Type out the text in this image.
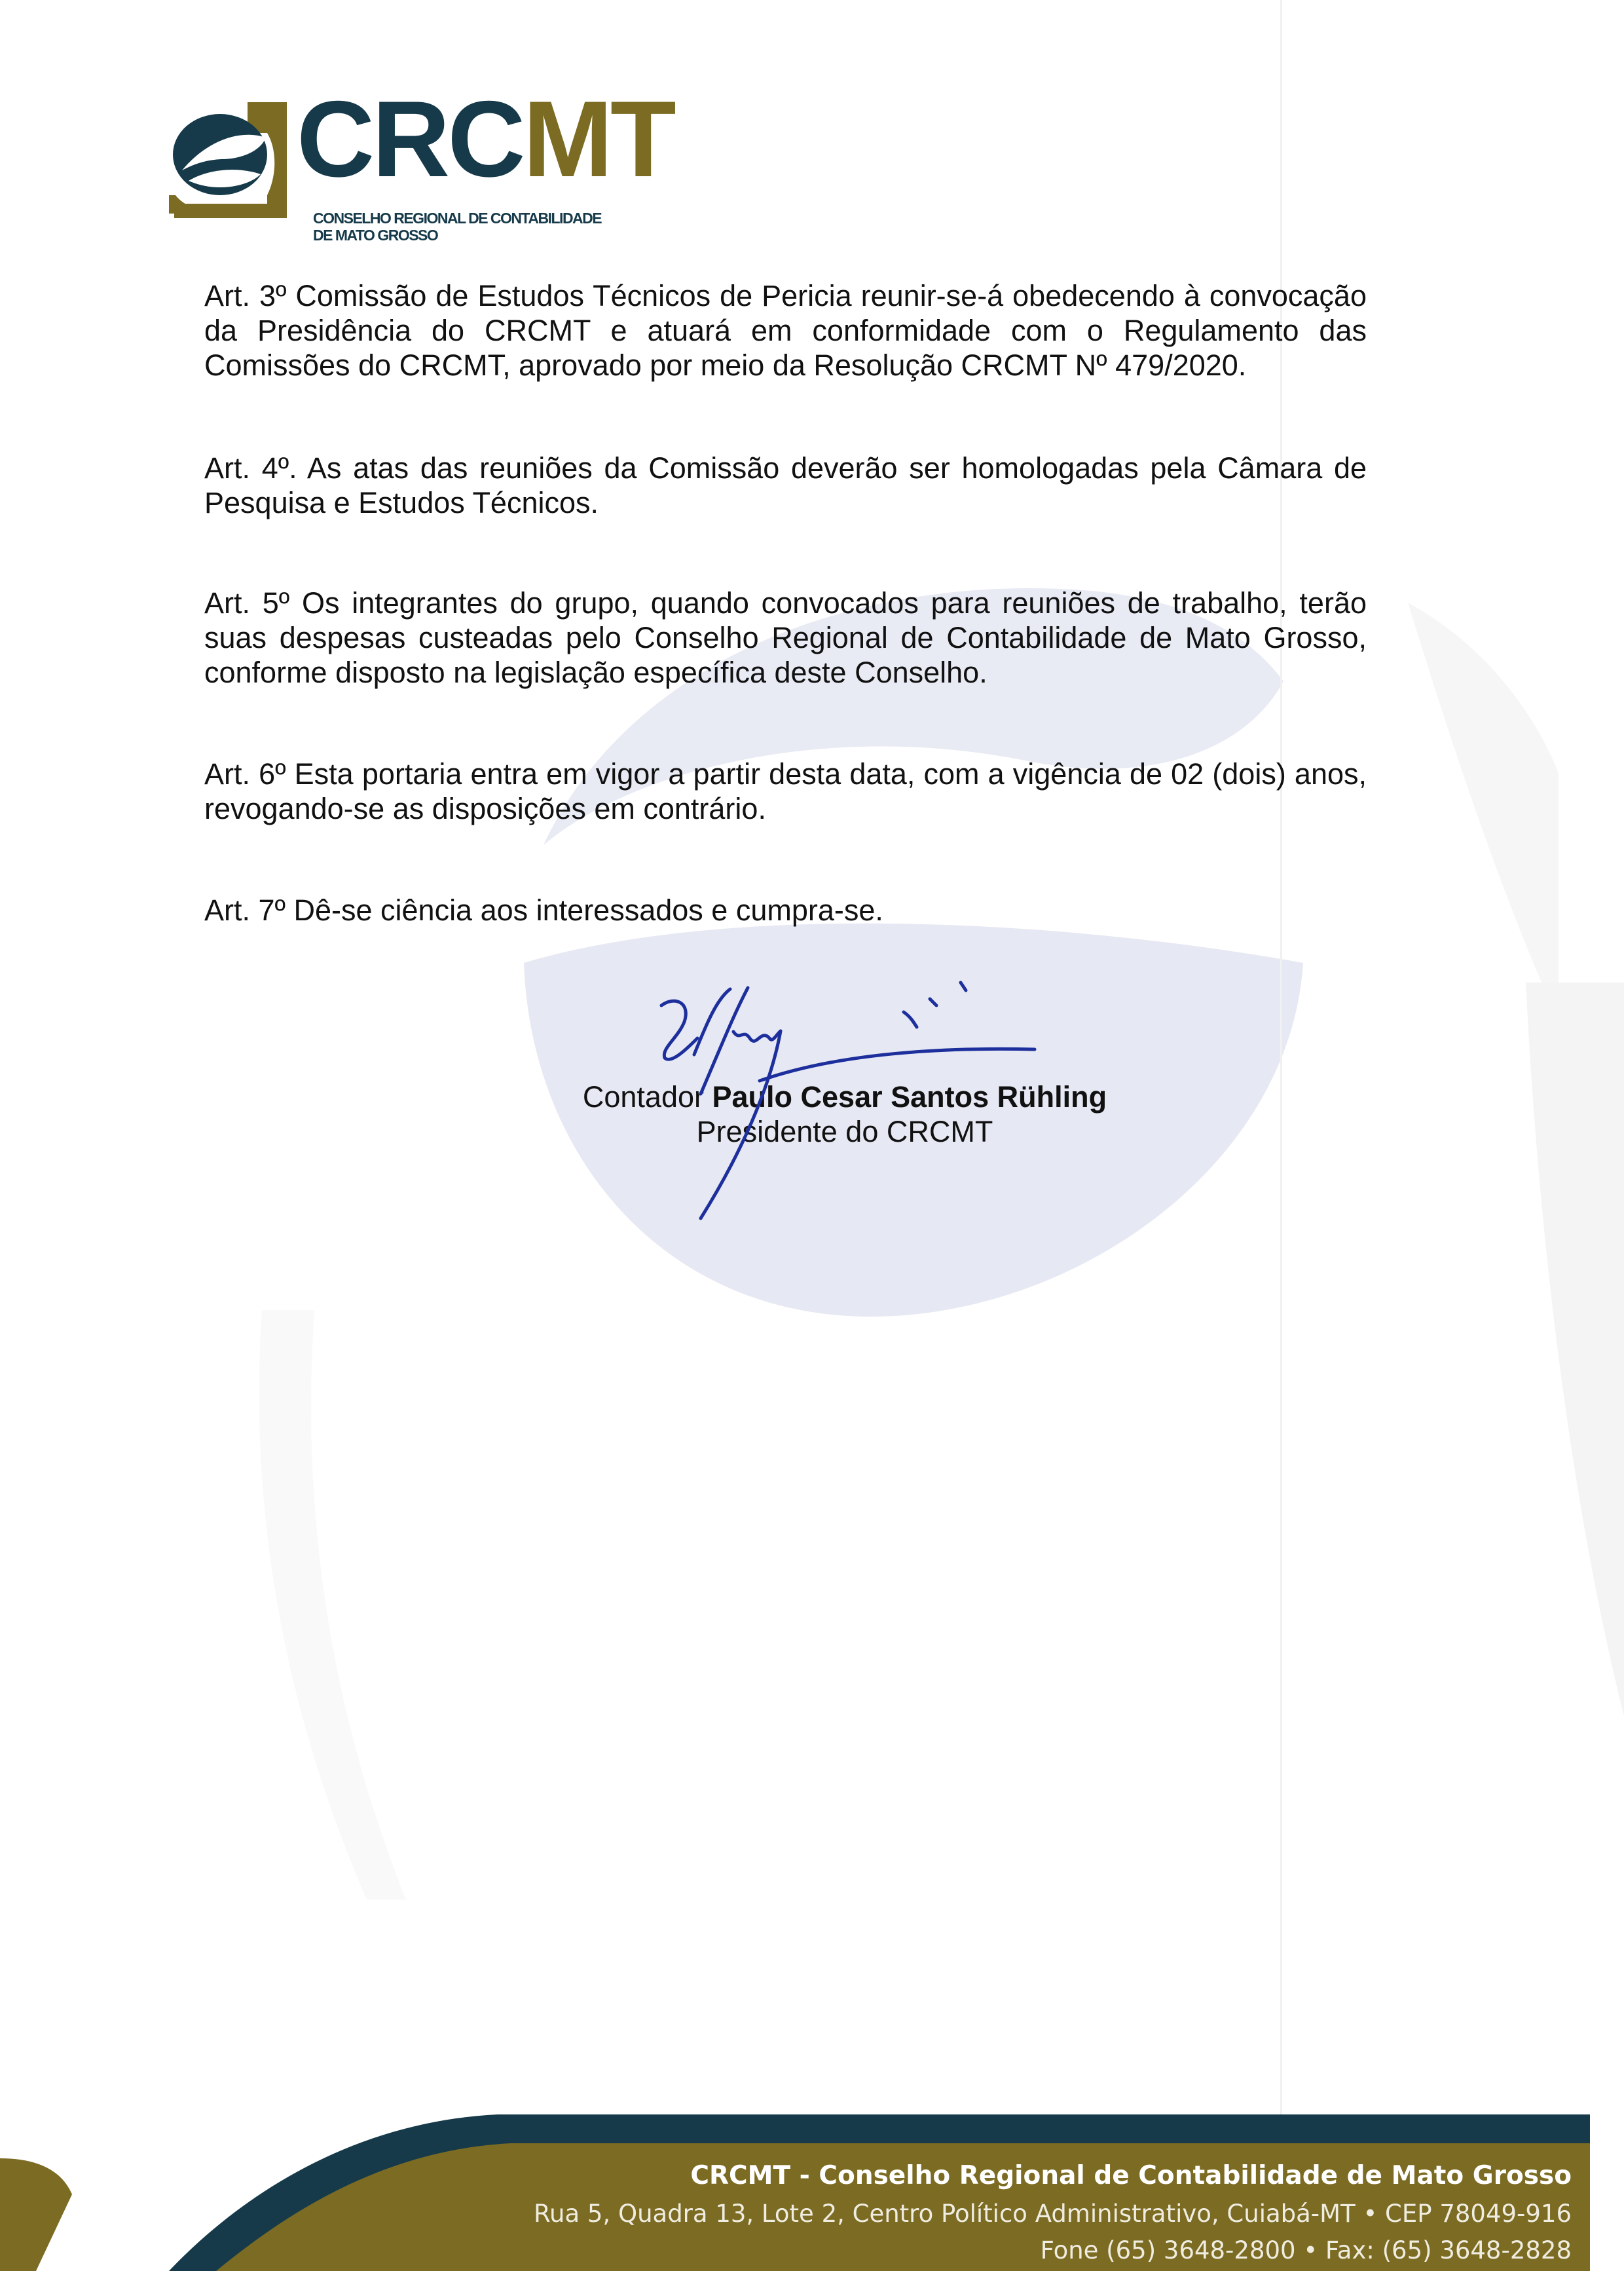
CRCMT
CONSELHO REGIONAL DE CONTABILIDADE
DE MATO GROSSO

Art. 3º Comissão de Estudos Técnicos de Pericia reunir-se-á obedecendo à convocação da Presidência do CRCMT e atuará em conformidade com o Regulamento das Comissões do CRCMT, aprovado por meio da Resolução CRCMT Nº 479/2020.

Art. 4º. As atas das reuniões da Comissão deverão ser homologadas pela Câmara de Pesquisa e Estudos Técnicos.

Art. 5º Os integrantes do grupo, quando convocados para reuniões de trabalho, terão suas despesas custeadas pelo Conselho Regional de Contabilidade de Mato Grosso, conforme disposto na legislação específica deste Conselho.

Art. 6º Esta portaria entra em vigor a partir desta data, com a vigência de 02 (dois) anos, revogando-se as disposições em contrário.

Art. 7º Dê-se ciência aos interessados e cumpra-se.

Contador Paulo Cesar Santos Rühling
Presidente do CRCMT
CRCMT - Conselho Regional de Contabilidade de Mato Grosso
Rua 5, Quadra 13, Lote 2, Centro Político Administrativo, Cuiabá-MT • CEP 78049-916
Fone (65) 3648-2800 • Fax: (65) 3648-2828
